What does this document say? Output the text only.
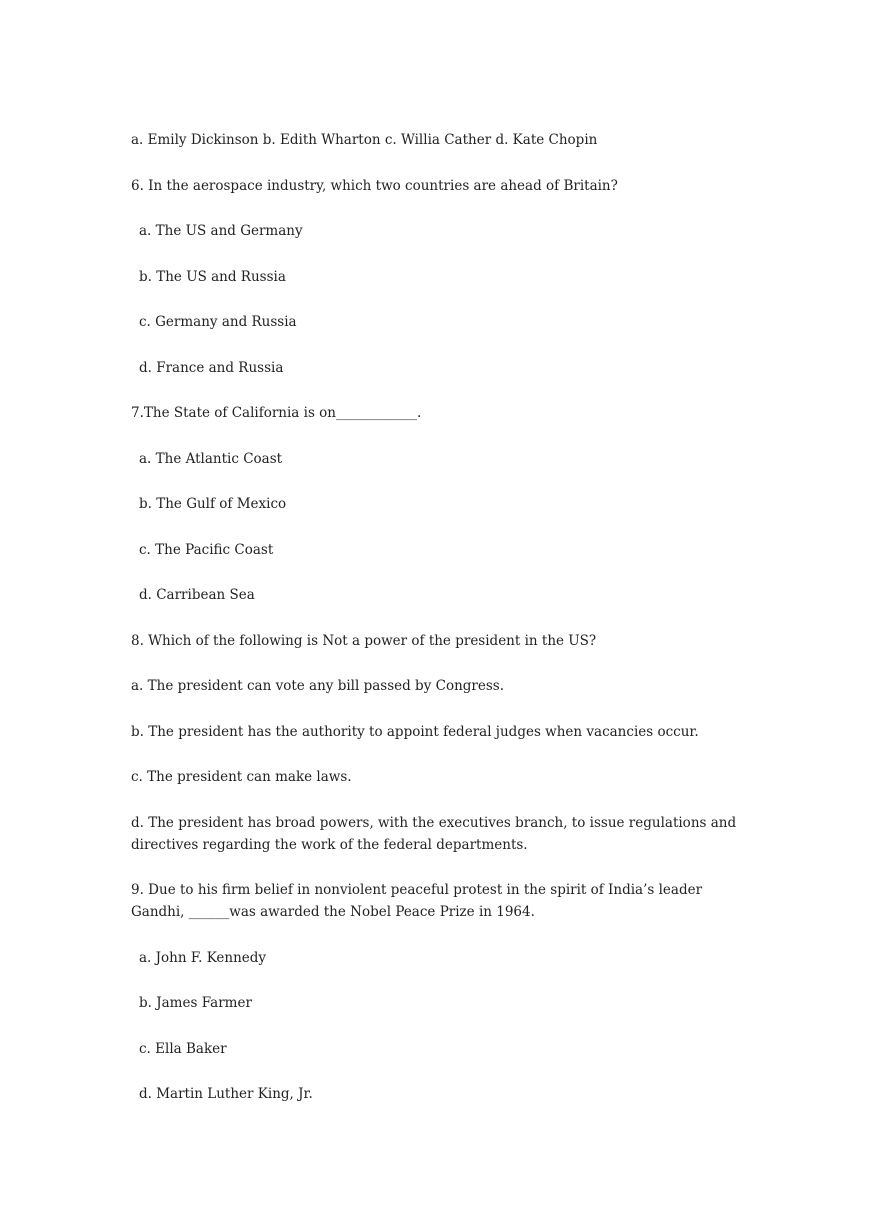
a. Emily Dickinson b. Edith Wharton c. Willia Cather d. Kate Chopin

6. In the aerospace industry, which two countries are ahead of Britain?

a. The US and Germany

b. The US and Russia

c. Germany and Russia

d. France and Russia

7.The State of California is on____________.

a. The Atlantic Coast

b. The Gulf of Mexico

c. The Pacific Coast

d. Carribean Sea

8. Which of the following is Not a power of the president in the US?

a. The president can vote any bill passed by Congress.

b. The president has the authority to appoint federal judges when vacancies occur.

c. The president can make laws.

d. The president has broad powers, with the executives branch, to issue regulations and directives regarding the work of the federal departments.

9. Due to his firm belief in nonviolent peaceful protest in the spirit of India’s leader Gandhi, ______was awarded the Nobel Peace Prize in 1964.

a. John F. Kennedy

b. James Farmer

c. Ella Baker

d. Martin Luther King, Jr.
